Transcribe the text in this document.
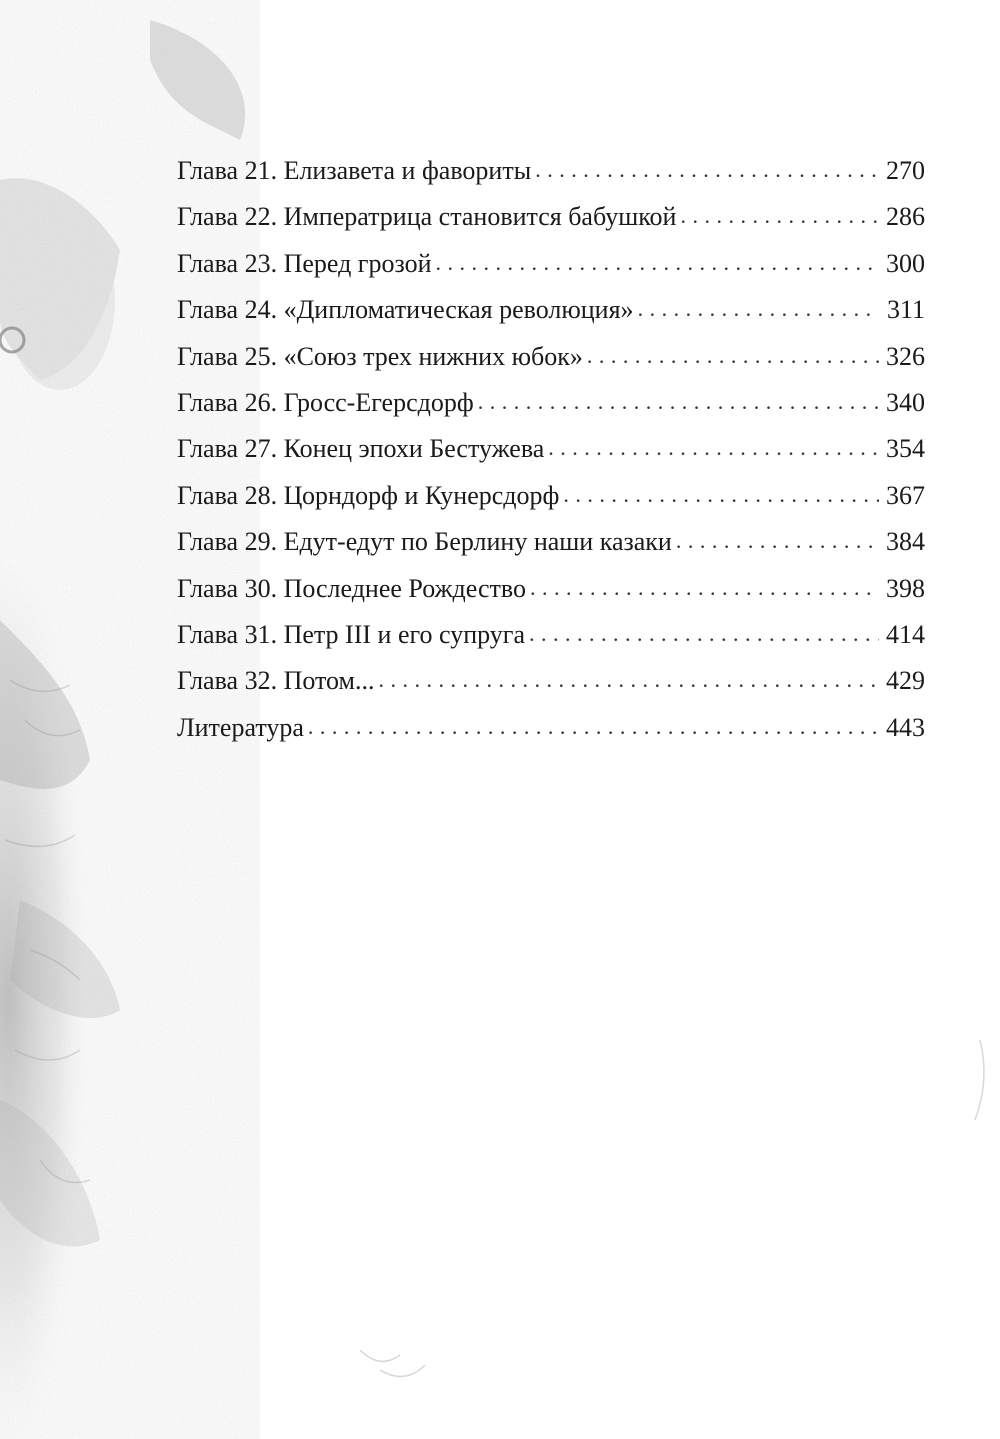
Глава 21. Елизавета и фавориты . . .	270
Глава 22. Императрица становится бабушкой . . .	286
Глава 23. Перед грозой . . .	300
Глава 24. «Дипломатическая революция» . . .	311
Глава 25. «Союз трех нижних юбок» . . .	326
Глава 26. Гросс-Егерсдорф . . .	340
Глава 27. Конец эпохи Бестужева . . .	354
Глава 28. Цорндорф и Кунерсдорф . . .	367
Глава 29. Едут-едут по Берлину наши казаки . . .	384
Глава 30. Последнее Рождество . . .	398
Глава 31. Петр III и его супруга . . .	414
Глава 32. Потом... . . .	429
Литература . . .	443
